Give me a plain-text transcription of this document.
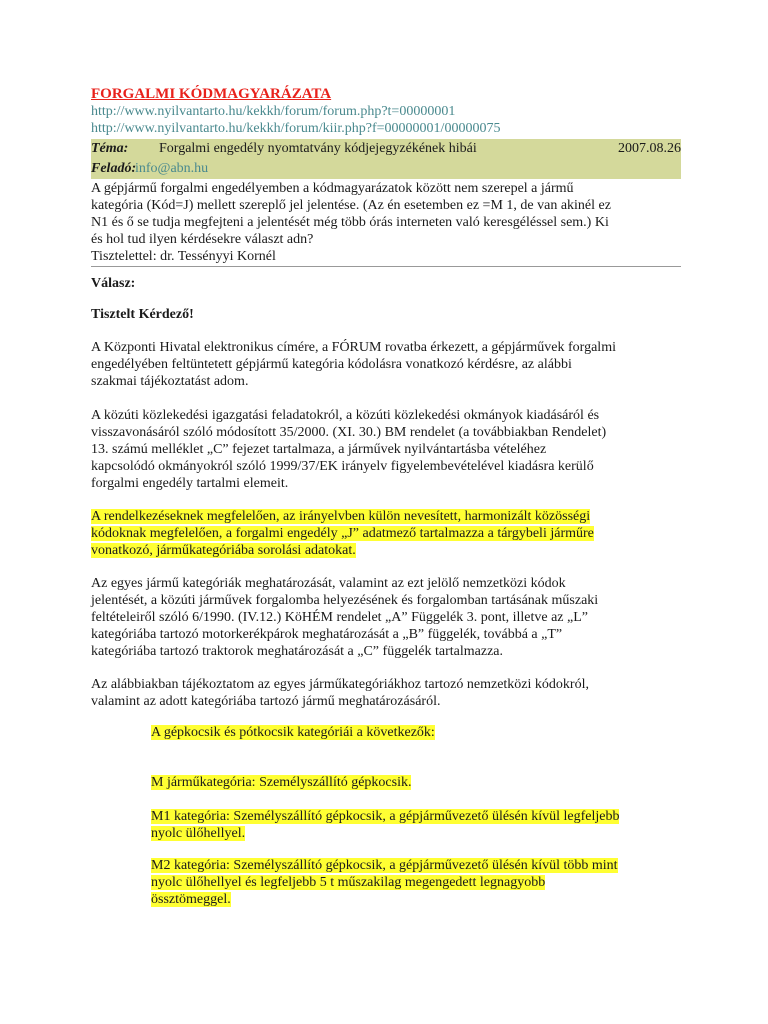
FORGALMI KÓDMAGYARÁZATA
http://www.nyilvantarto.hu/kekkh/forum/forum.php?t=00000001
http://www.nyilvantarto.hu/kekkh/forum/kiir.php?f=00000001/00000075
Téma: Forgalmi engedély nyomtatvány kódjejegyzékének hibái	2007.08.26
Feladó:
info@abn.hu
A gépjármű forgalmi engedélyemben a kódmagyarázatok között nem szerepel a jármű
kategória (Kód=J) mellett szereplő jel jelentése. (Az én esetemben ez =M 1, de van akinél ez
N1 és ő se tudja megfejteni a jelentését még több órás interneten való keresgéléssel sem.) Ki
és hol tud ilyen kérdésekre választ adn?
Tisztelettel: dr. Tessényyi Kornél
Válasz:
Tisztelt Kérdező!
A Központi Hivatal elektronikus címére, a FÓRUM rovatba érkezett, a gépjárművek forgalmi
engedélyében feltüntetett gépjármű kategória kódolásra vonatkozó kérdésre, az alábbi
szakmai tájékoztatást adom.
A közúti közlekedési igazgatási feladatokról, a közúti közlekedési okmányok kiadásáról és
visszavonásáról szóló módosított 35/2000. (XI. 30.) BM rendelet (a továbbiakban Rendelet)
13. számú melléklet „C” fejezet tartalmaza, a járművek nyilvántartásba vételéhez
kapcsolódó okmányokról szóló 1999/37/EK irányelv figyelembevételével kiadásra kerülő
forgalmi engedély tartalmi elemeit.
A rendelkezéseknek megfelelően, az irányelvben külön nevesített, harmonizált közösségi
kódoknak megfelelően, a forgalmi engedély „J” adatmező tartalmazza a tárgybeli járműre
vonatkozó, járműkategóriába sorolási adatokat.
Az egyes jármű kategóriák meghatározását, valamint az ezt jelölő nemzetközi kódok
jelentését, a közúti járművek forgalomba helyezésének és forgalomban tartásának műszaki
feltételeiről szóló 6/1990. (IV.12.) KöHÉM rendelet „A” Függelék 3. pont, illetve az „L”
kategóriába tartozó motorkerékpárok meghatározását a „B” függelék, továbbá a „T”
kategóriába tartozó traktorok meghatározását a „C” függelék tartalmazza.
Az alábbiakban tájékoztatom az egyes járműkategóriákhoz tartozó nemzetközi kódokról,
valamint az adott kategóriába tartozó jármű meghatározásáról.
A gépkocsik és pótkocsik kategóriái a következők:
M járműkategória: Személyszállító gépkocsik.
M1 kategória: Személyszállító gépkocsik, a gépjárművezető ülésén kívül legfeljebb
nyolc ülőhellyel.
M2 kategória: Személyszállító gépkocsik, a gépjárművezető ülésén kívül több mint
nyolc ülőhellyel és legfeljebb 5 t műszakilag megengedett legnagyobb
össztömeggel.
